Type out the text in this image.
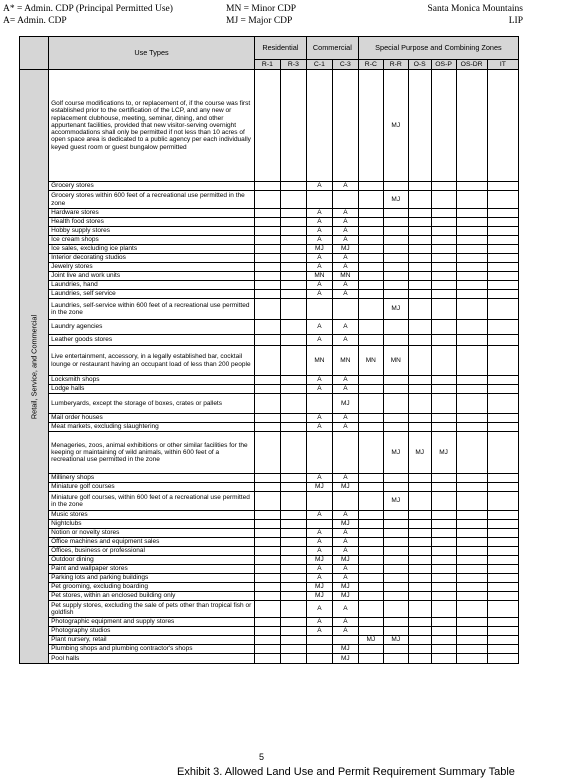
A* = Admin. CDP (Principal Permitted Use)
A= Admin. CDP
MN = Minor CDP
MJ = Major CDP
Santa Monica Mountains
LIP
	Use Types	Residential		Commercial		Special Purpose and Combining Zones					
		R-1	R-3	C-1	C-3	R-C	R-R	O-S	OS-P	OS-DR	IT

Retail, Service, and Commercial	Golf course modifications to, or replacement of, if the course was first established prior to the certification of the LCP, and any new or replacement clubhouse, meeting, seminar, dining, and other appurtenant facilities, provided that new visitor-serving overnight accommodations shall only be permitted if not less than 10 acres of open space area is dedicated to a public agency per each individually keyed guest room or guest bungalow permitted						MJ				
	Grocery stores			A	A						
	Grocery stores within 600 feet of a recreational use permitted in the zone						MJ				
	Hardware stores			A	A						
	Health food stores			A	A						
	Hobby supply stores			A	A						
	Ice cream shops			A	A						
	Ice sales, excluding ice plants			MJ	MJ						
	Interior decorating studios			A	A						
	Jewelry stores			A	A						
	Joint live and work units			MN	MN						
	Laundries, hand			A	A						
	Laundries, self service			A	A						
	Laundries, self-service within 600 feet of a recreational use permitted in the zone						MJ				
	Laundry agencies			A	A						
	Leather goods stores			A	A						
	Live entertainment, accessory, in a legally established bar, cocktail lounge or restaurant having an occupant load of less than 200 people			MN	MN	MN	MN				
	Locksmith shops			A	A						
	Lodge halls			A	A						
	Lumberyards, except the storage of boxes, crates or pallets				MJ						
	Mail order houses			A	A						
	Meat markets, excluding slaughtering			A	A						
	Menageries, zoos, animal exhibitions or other similar facilities for the keeping or maintaining of wild animals, within 600 feet of a recreational use permitted in the zone						MJ	MJ	MJ		
	Millinery shops			A	A						
	Miniature golf courses			MJ	MJ						
	Miniature golf courses, within 600 feet of a recreational use permitted in the zone						MJ				
	Music stores			A	A						
	Nightclubs				MJ						
	Notion or novelty stores			A	A						
	Office machines and equipment sales			A	A						
	Offices, business or professional			A	A						
	Outdoor dining			MJ	MJ						
	Paint and wallpaper stores			A	A						
	Parking lots and parking buildings			A	A						
	Pet grooming, excluding boarding			MJ	MJ						
	Pet stores, within an enclosed building only			MJ	MJ						
	Pet supply stores, excluding the sale of pets other than tropical fish or goldfish			A	A						
	Photographic equipment and supply stores			A	A						
	Photography studios			A	A						
	Plant nursery, retail					MJ	MJ				
	Plumbing shops and plumbing contractor's shops				MJ						
	Pool halls				MJ						
5
Exhibit 3. Allowed Land Use and Permit Requirement Summary Table
